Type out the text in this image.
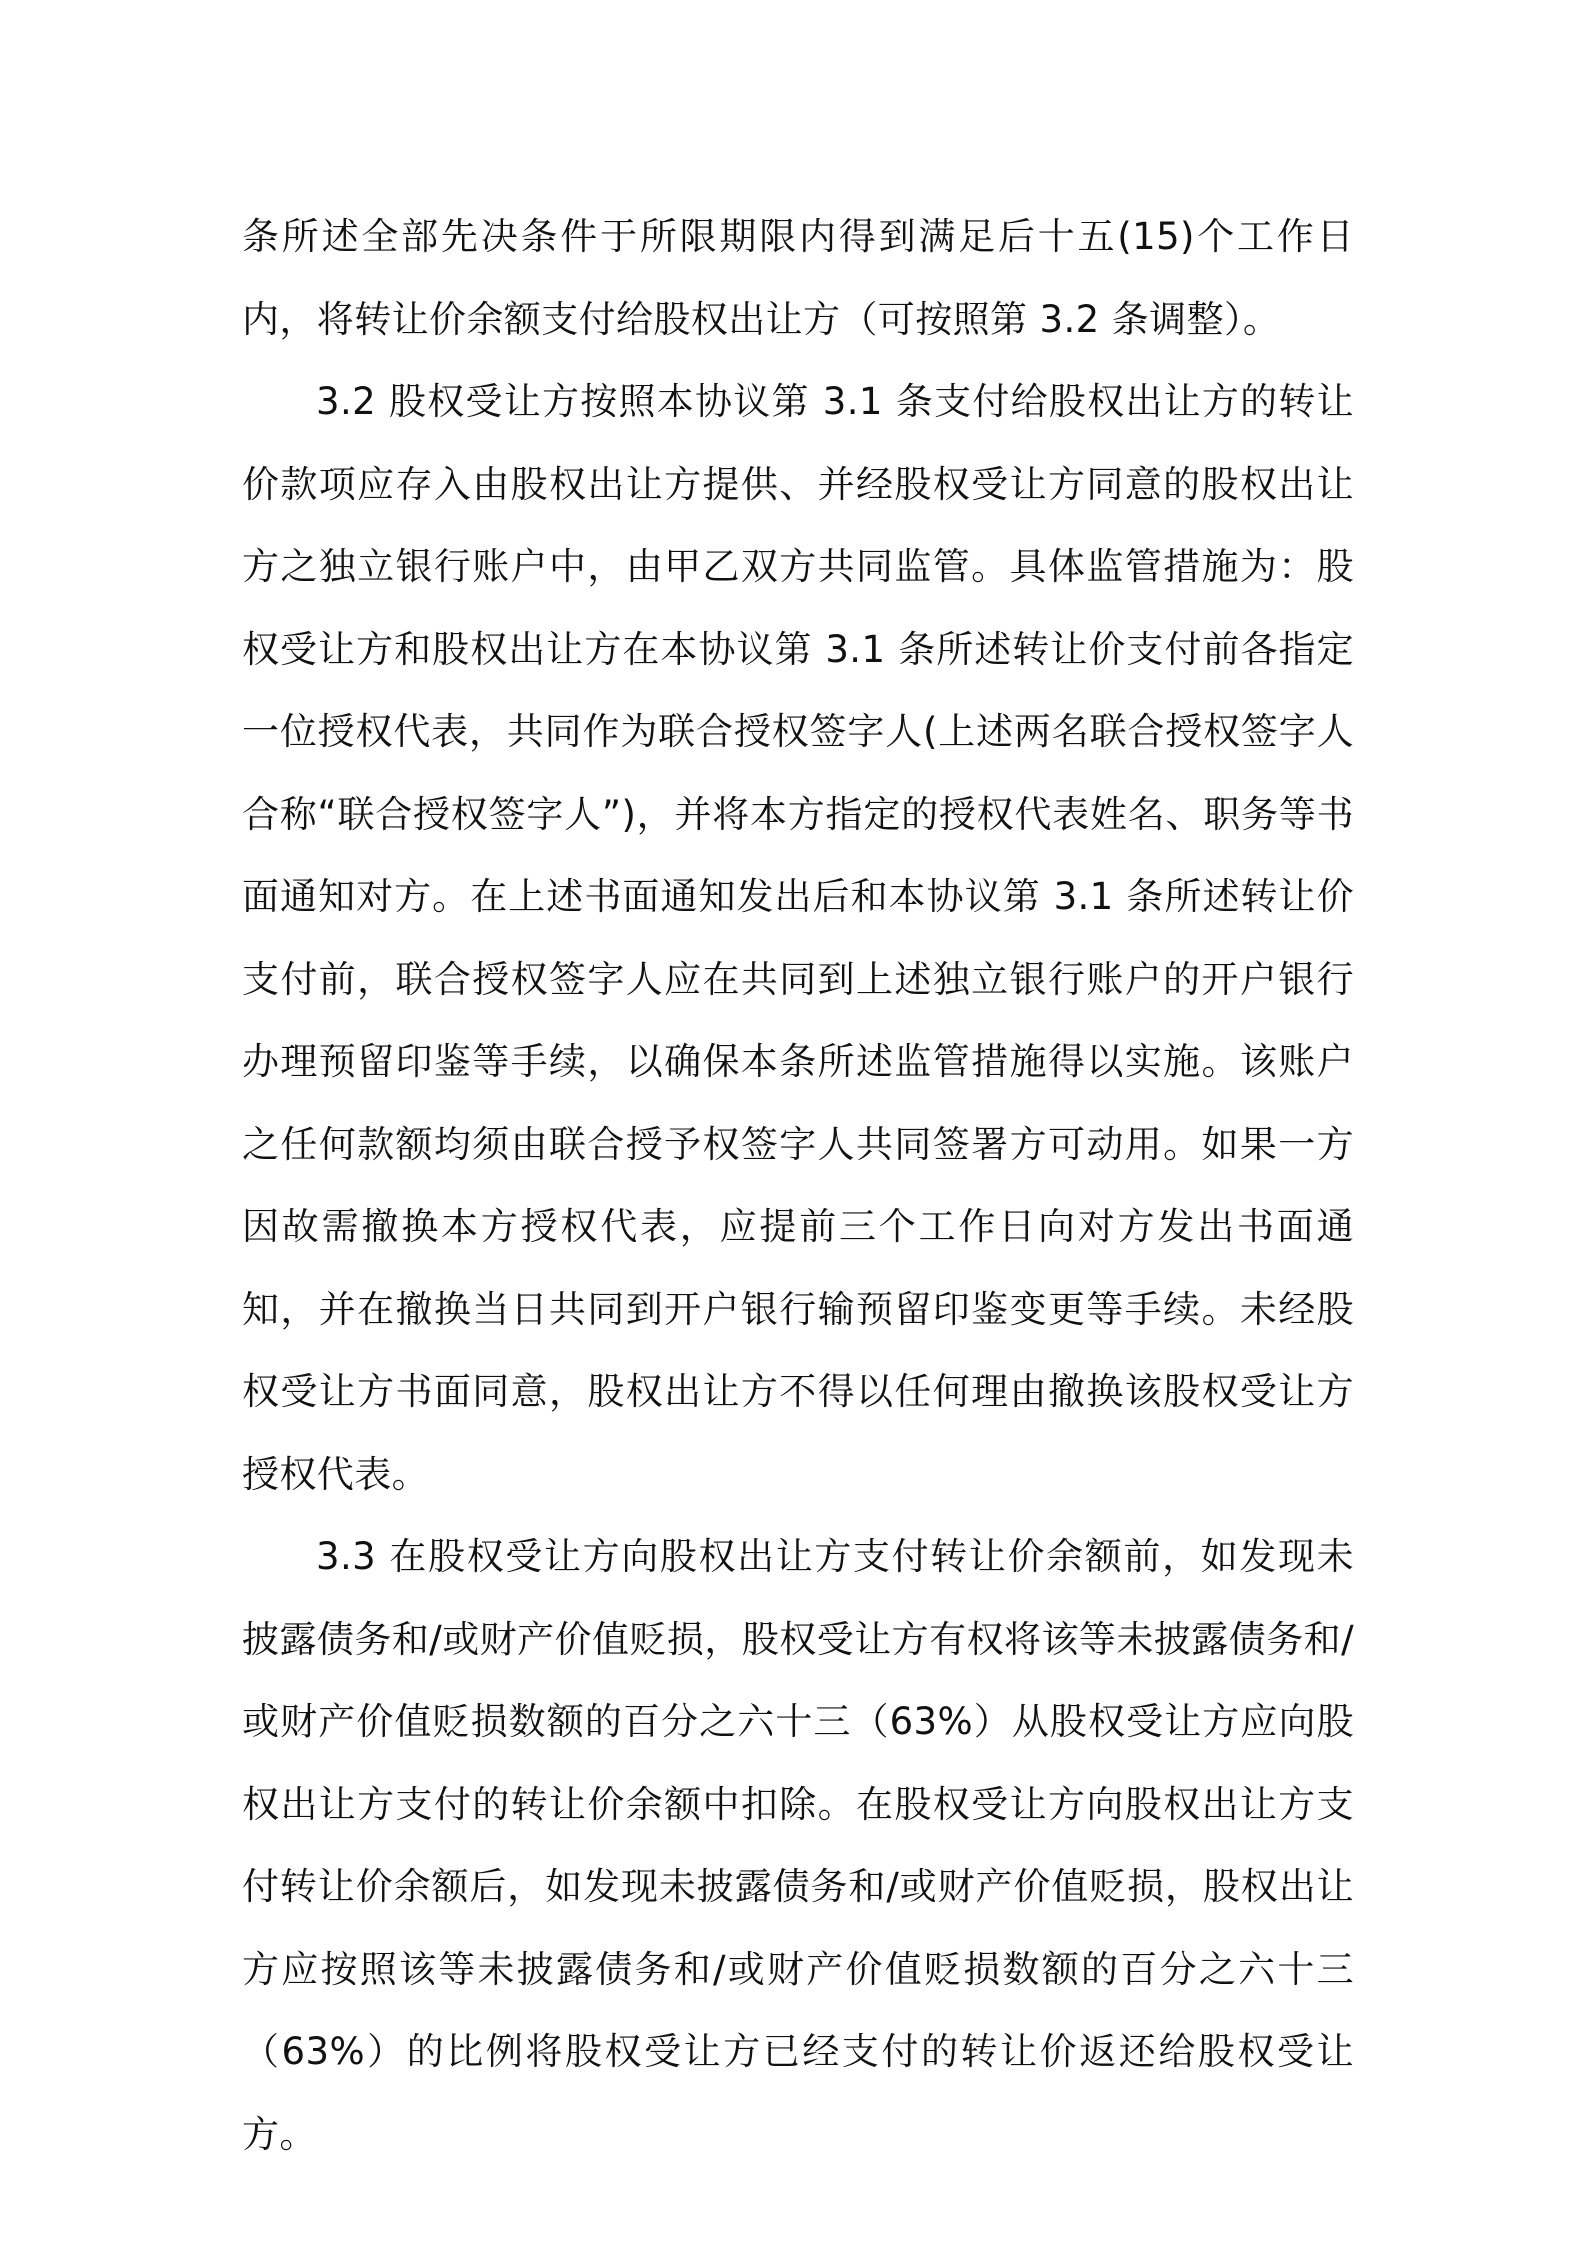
条所述全部先决条件于所限期限内得到满足后十五(15)个工作日内，将转让价余额支付给股权出让方（可按照第 3.2 条调整）。

3.2 股权受让方按照本协议第 3.1 条支付给股权出让方的转让价款项应存入由股权出让方提供、并经股权受让方同意的股权出让方之独立银行账户中，由甲乙双方共同监管。具体监管措施为：股权受让方和股权出让方在本协议第 3.1 条所述转让价支付前各指定一位授权代表，共同作为联合授权签字人(上述两名联合授权签字人合称“联合授权签字人”)，并将本方指定的授权代表姓名、职务等书面通知对方。在上述书面通知发出后和本协议第 3.1 条所述转让价支付前，联合授权签字人应在共同到上述独立银行账户的开户银行办理预留印鉴等手续，以确保本条所述监管措施得以实施。该账户之任何款额均须由联合授予权签字人共同签署方可动用。如果一方因故需撤换本方授权代表，应提前三个工作日向对方发出书面通知，并在撤换当日共同到开户银行输预留印鉴变更等手续。未经股权受让方书面同意，股权出让方不得以任何理由撤换该股权受让方授权代表。

3.3 在股权受让方向股权出让方支付转让价余额前，如发现未披露债务和/或财产价值贬损，股权受让方有权将该等未披露债务和/或财产价值贬损数额的百分之六十三（63%）从股权受让方应向股权出让方支付的转让价余额中扣除。在股权受让方向股权出让方支付转让价余额后，如发现未披露债务和/或财产价值贬损，股权出让方应按照该等未披露债务和/或财产价值贬损数额的百分之六十三（63%）的比例将股权受让方已经支付的转让价返还给股权受让方。
